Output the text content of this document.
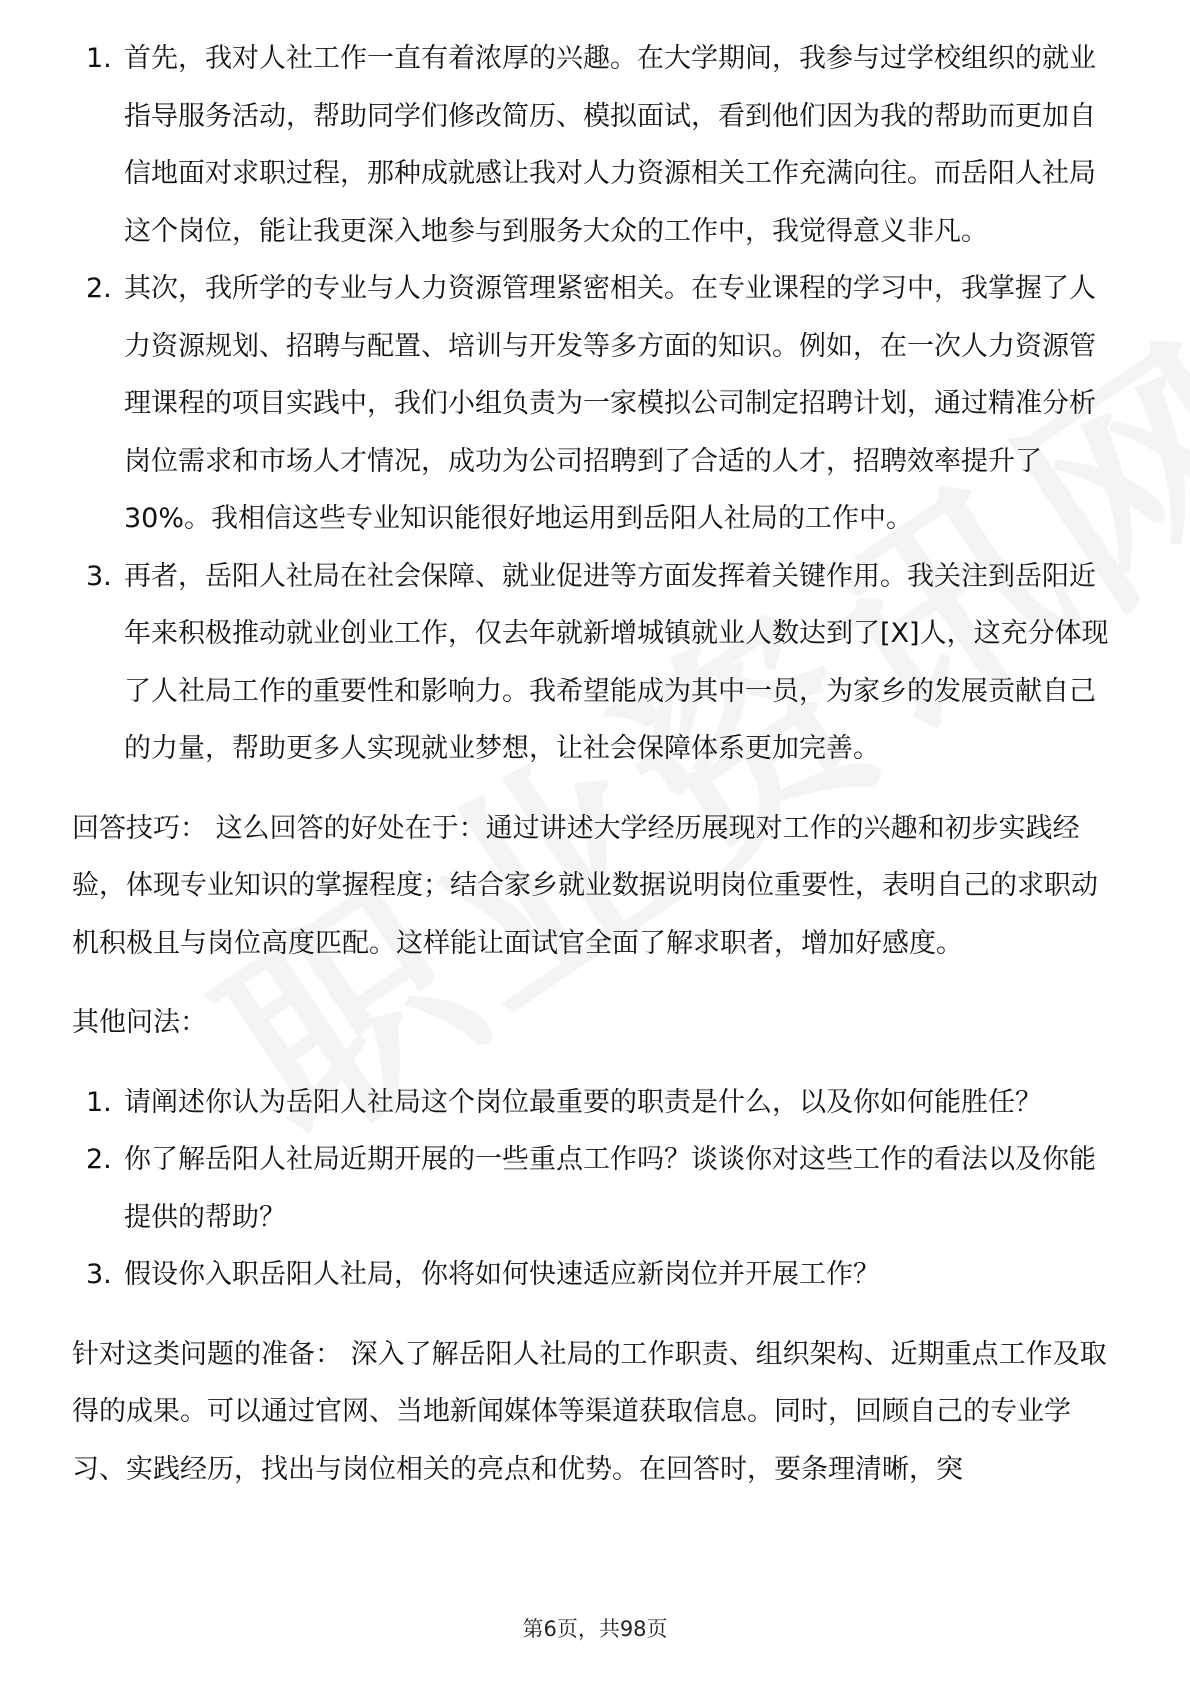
1. 首先，我对人社工作一直有着浓厚的兴趣。在大学期间，我参与过学校组织的就业指导服务活动，帮助同学们修改简历、模拟面试，看到他们因为我的帮助而更加自信地面对求职过程，那种成就感让我对人力资源相关工作充满向往。而岳阳人社局这个岗位，能让我更深入地参与到服务大众的工作中，我觉得意义非凡。
2. 其次，我所学的专业与人力资源管理紧密相关。在专业课程的学习中，我掌握了人力资源规划、招聘与配置、培训与开发等多方面的知识。例如，在一次人力资源管理课程的项目实践中，我们小组负责为一家模拟公司制定招聘计划，通过精准分析岗位需求和市场人才情况，成功为公司招聘到了合适的人才，招聘效率提升了 30%。我相信这些专业知识能很好地运用到岳阳人社局的工作中。
3. 再者，岳阳人社局在社会保障、就业促进等方面发挥着关键作用。我关注到岳阳近年来积极推动就业创业工作，仅去年就新增城镇就业人数达到了[X]人，这充分体现了人社局工作的重要性和影响力。我希望能成为其中一员，为家乡的发展贡献自己的力量，帮助更多人实现就业梦想，让社会保障体系更加完善。

回答技巧： 这么回答的好处在于：通过讲述大学经历展现对工作的兴趣和初步实践经验，体现专业知识的掌握程度；结合家乡就业数据说明岗位重要性，表明自己的求职动机积极且与岗位高度匹配。这样能让面试官全面了解求职者，增加好感度。

其他问法：

1. 请阐述你认为岳阳人社局这个岗位最重要的职责是什么，以及你如何能胜任？
2. 你了解岳阳人社局近期开展的一些重点工作吗？谈谈你对这些工作的看法以及你能提供的帮助？
3. 假设你入职岳阳人社局，你将如何快速适应新岗位并开展工作？

针对这类问题的准备： 深入了解岳阳人社局的工作职责、组织架构、近期重点工作及取得的成果。可以通过官网、当地新闻媒体等渠道获取信息。同时，回顾自己的专业学习、实践经历，找出与岗位相关的亮点和优势。在回答时，要条理清晰，突

第6页，共98页
